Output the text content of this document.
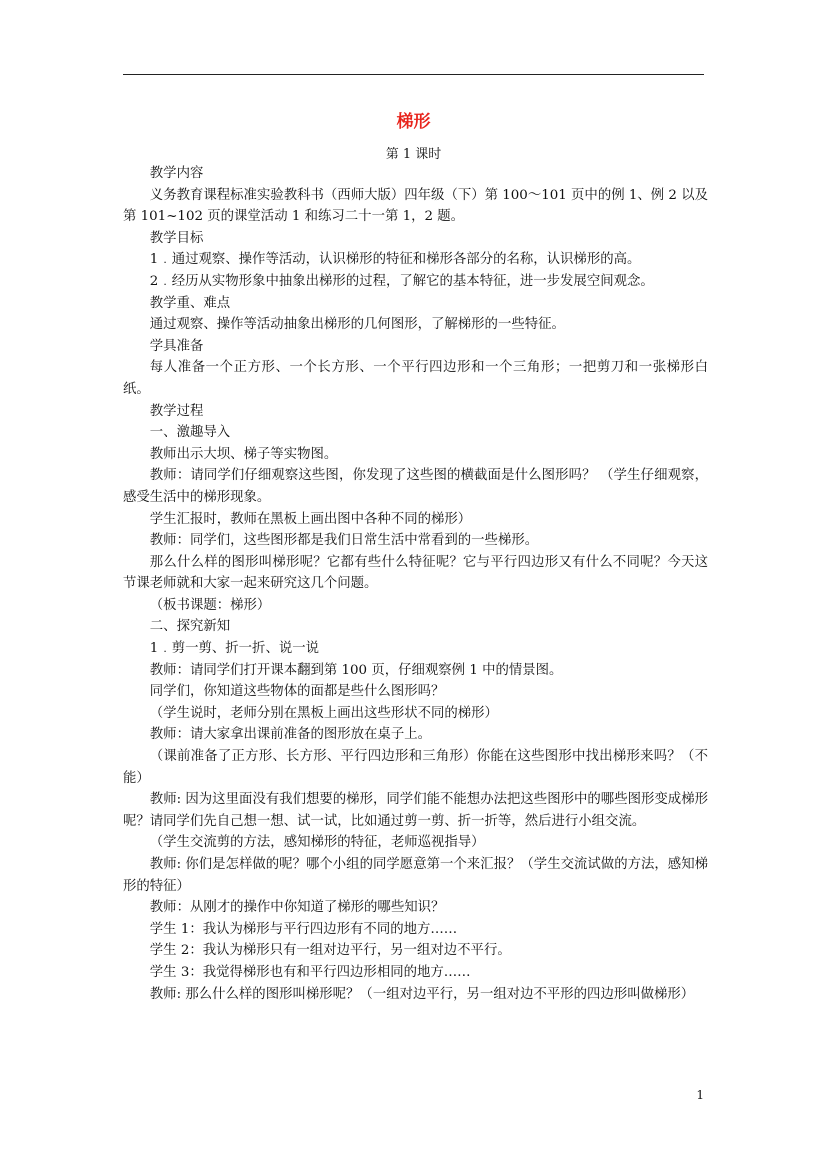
梯形
第 1 课时

教学内容

义务教育课程标准实验教科书（西师大版）四年级（下）第 100～101 页中的例 1、例 2 以及第 101~102 页的课堂活动 1 和练习二十一第 1，2 题。

教学目标

1﹒通过观察、操作等活动，认识梯形的特征和梯形各部分的名称，认识梯形的高。

2﹒经历从实物形象中抽象出梯形的过程，了解它的基本特征，进一步发展空间观念。

教学重、难点

通过观察、操作等活动抽象出梯形的几何图形，了解梯形的一些特征。

学具准备

每人准备一个正方形、一个长方形、一个平行四边形和一个三角形；一把剪刀和一张梯形白纸。

教学过程

一、激趣导入

教师出示大坝、梯子等实物图。

教师：请同学们仔细观察这些图，你发现了这些图的横截面是什么图形吗？ （学生仔细观察，感受生活中的梯形现象。

学生汇报时，教师在黑板上画出图中各种不同的梯形）

教师：同学们，这些图形都是我们日常生活中常看到的一些梯形。

那么什么样的图形叫梯形呢？它都有些什么特征呢？它与平行四边形又有什么不同呢？今天这节课老师就和大家一起来研究这几个问题。

（板书课题：梯形）

二、探究新知

1﹒剪一剪、折一折、说一说

教师：请同学们打开课本翻到第 100 页，仔细观察例 1 中的情景图。

同学们，你知道这些物体的面都是些什么图形吗？

（学生说时，老师分别在黑板上画出这些形状不同的梯形）

教师：请大家拿出课前准备的图形放在桌子上。

（课前准备了正方形、长方形、平行四边形和三角形）你能在这些图形中找出梯形来吗？（不能）

教师: 因为这里面没有我们想要的梯形，同学们能不能想办法把这些图形中的哪些图形变成梯形呢？请同学们先自己想一想、试一试，比如通过剪一剪、折一折等，然后进行小组交流。

（学生交流剪的方法，感知梯形的特征，老师巡视指导）

教师: 你们是怎样做的呢？哪个小组的同学愿意第一个来汇报？（学生交流试做的方法，感知梯形的特征）

教师：从刚才的操作中你知道了梯形的哪些知识？

学生 1：我认为梯形与平行四边形有不同的地方……

学生 2：我认为梯形只有一组对边平行，另一组对边不平行。

学生 3：我觉得梯形也有和平行四边形相同的地方……

教师: 那么什么样的图形叫梯形呢？（一组对边平行，另一组对边不平形的四边形叫做梯形）

1
